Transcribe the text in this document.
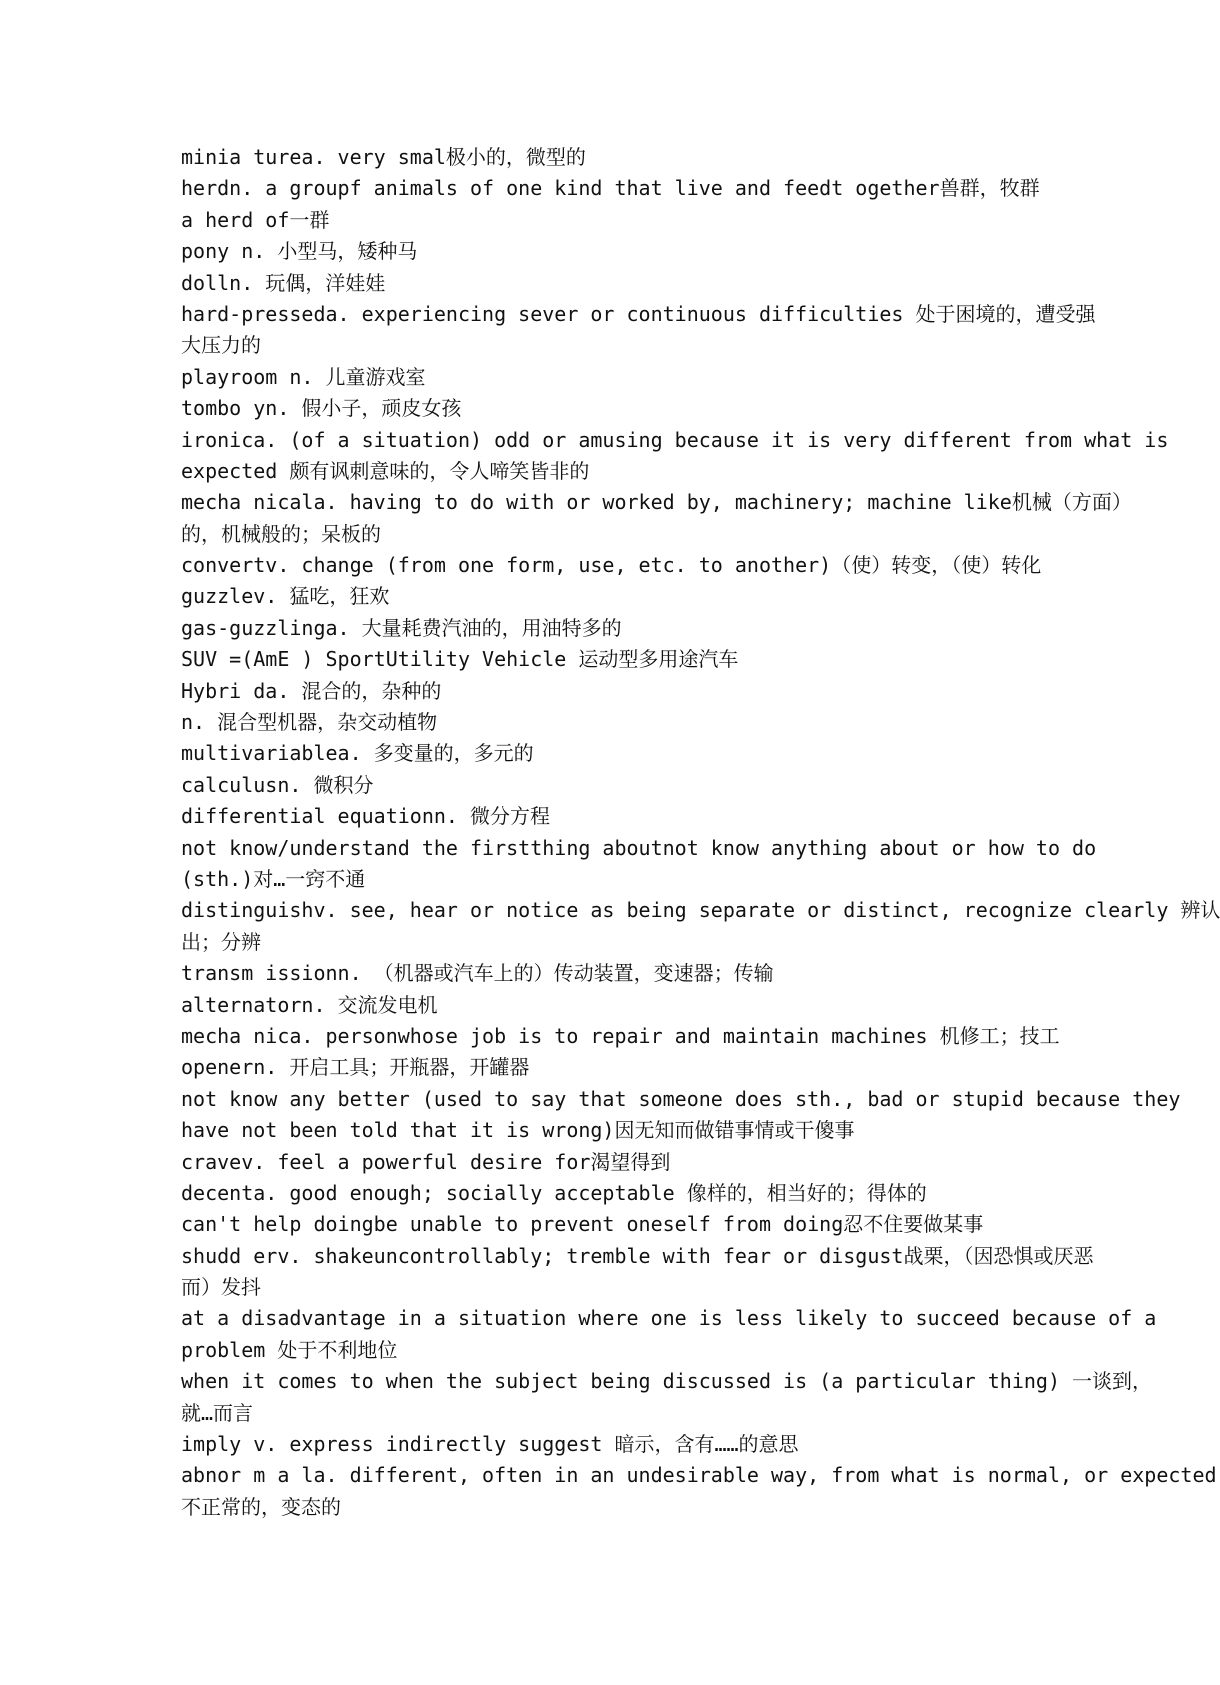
minia turea. very smal极小的，微型的
herdn. a groupf animals of one kind that live and feedt ogether兽群，牧群
a herd of一群
pony n. 小型马，矮种马
dolln. 玩偶，洋娃娃
hard-presseda. experiencing sever or continuous difficulties 处于困境的，遭受强
大压力的
playroom n. 儿童游戏室
tombo yn. 假小子，顽皮女孩
ironica. (of a situation) odd or amusing because it is very different from what is
expected 颇有讽刺意味的，令人啼笑皆非的
mecha nicala. having to do with or worked by, machinery; machine like机械（方面）
的，机械般的；呆板的
convertv. change (from one form, use, etc. to another)（使）转变，（使）转化
guzzlev. 猛吃，狂欢
gas-guzzlinga. 大量耗费汽油的，用油特多的
SUV =(AmE ) SportUtility Vehicle 运动型多用途汽车
Hybri da. 混合的，杂种的
n. 混合型机器，杂交动植物
multivariablea. 多变量的，多元的
calculusn. 微积分
differential equationn. 微分方程
not know/understand the firstthing aboutnot know anything about or how to do
(sth.)对…一窍不通
distinguishv. see, hear or notice as being separate or distinct, recognize clearly 辨认
出；分辨
transm issionn. （机器或汽车上的）传动装置，变速器；传输
alternatorn. 交流发电机
mecha nica. personwhose job is to repair and maintain machines 机修工；技工
openern. 开启工具；开瓶器，开罐器
not know any better (used to say that someone does sth., bad or stupid because they
have not been told that it is wrong)因无知而做错事情或干傻事
cravev. feel a powerful desire for渴望得到
decenta. good enough; socially acceptable 像样的，相当好的；得体的
can't help doingbe unable to prevent oneself from doing忍不住要做某事
shudd erv. shakeuncontrollably; tremble with fear or disgust战栗，（因恐惧或厌恶
而）发抖
at a disadvantage in a situation where one is less likely to succeed because of a
problem 处于不利地位
when it comes to when the subject being discussed is (a particular thing) 一谈到，
就…而言
imply v. express indirectly suggest 暗示，含有……的意思
abnor m a la. different, often in an undesirable way, from what is normal, or expected
不正常的，变态的
